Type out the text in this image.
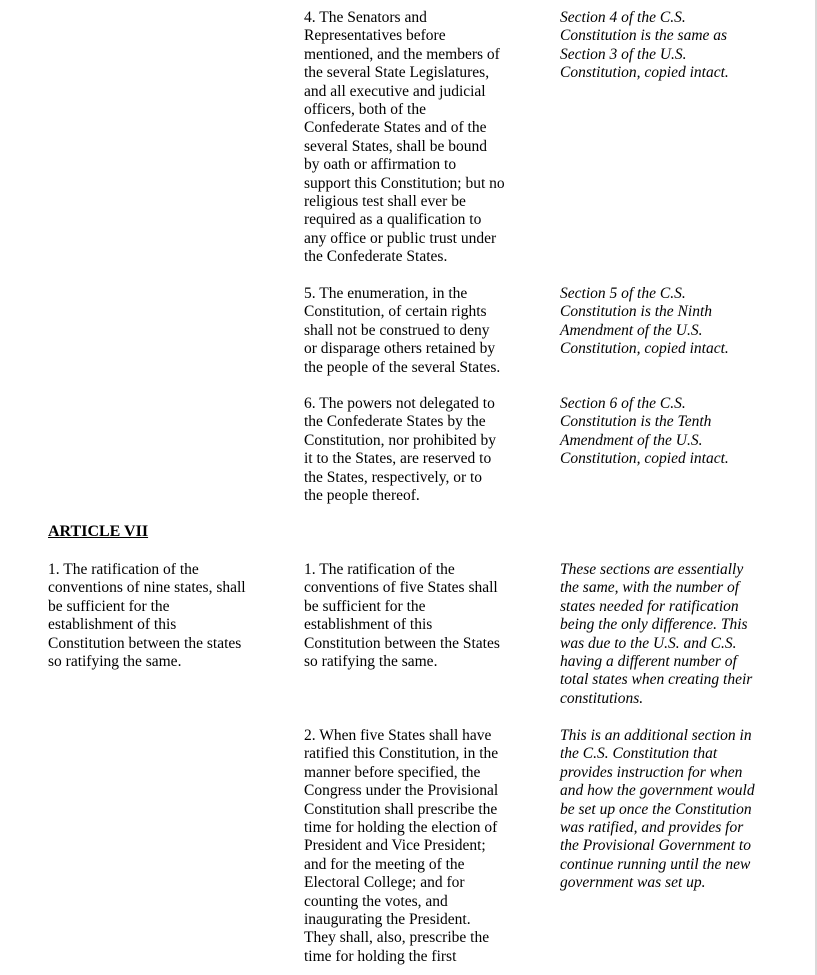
4. The Senators and
Representatives before
mentioned, and the members of
the several State Legislatures,
and all executive and judicial
officers, both of the
Confederate States and of the
several States, shall be bound
by oath or affirmation to
support this Constitution; but no
religious test shall ever be
required as a qualification to
any office or public trust under
the Confederate States.

Section 4 of the C.S.
Constitution is the same as
Section 3 of the U.S.
Constitution, copied intact.

5. The enumeration, in the
Constitution, of certain rights
shall not be construed to deny
or disparage others retained by
the people of the several States.

Section 5 of the C.S.
Constitution is the Ninth
Amendment of the U.S.
Constitution, copied intact.

6. The powers not delegated to
the Confederate States by the
Constitution, nor prohibited by
it to the States, are reserved to
the States, respectively, or to
the people thereof.

Section 6 of the C.S.
Constitution is the Tenth
Amendment of the U.S.
Constitution, copied intact.

ARTICLE VII

1. The ratification of the
conventions of nine states, shall
be sufficient for the
establishment of this
Constitution between the states
so ratifying the same.

1. The ratification of the
conventions of five States shall
be sufficient for the
establishment of this
Constitution between the States
so ratifying the same.

These sections are essentially
the same, with the number of
states needed for ratification
being the only difference. This
was due to the U.S. and C.S.
having a different number of
total states when creating their
constitutions.

2. When five States shall have
ratified this Constitution, in the
manner before specified, the
Congress under the Provisional
Constitution shall prescribe the
time for holding the election of
President and Vice President;
and for the meeting of the
Electoral College; and for
counting the votes, and
inaugurating the President.
They shall, also, prescribe the
time for holding the first

This is an additional section in
the C.S. Constitution that
provides instruction for when
and how the government would
be set up once the Constitution
was ratified, and provides for
the Provisional Government to
continue running until the new
government was set up.
